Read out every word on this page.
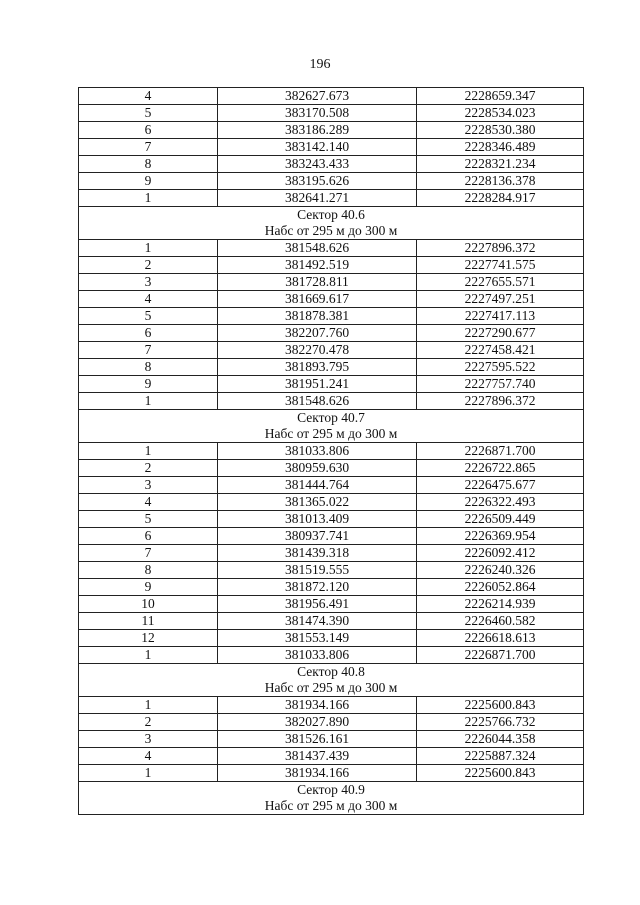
196
4	382627.673	2228659.347
5	383170.508	2228534.023
6	383186.289	2228530.380
7	383142.140	2228346.489
8	383243.433	2228321.234
9	383195.626	2228136.378
1	382641.271	2228284.917
Сектор 40.6		
Набс от 295 м до 300 м		
1	381548.626	2227896.372
2	381492.519	2227741.575
3	381728.811	2227655.571
4	381669.617	2227497.251
5	381878.381	2227417.113
6	382207.760	2227290.677
7	382270.478	2227458.421
8	381893.795	2227595.522
9	381951.241	2227757.740
1	381548.626	2227896.372
Сектор 40.7		
Набс от 295 м до 300 м		
1	381033.806	2226871.700
2	380959.630	2226722.865
3	381444.764	2226475.677
4	381365.022	2226322.493
5	381013.409	2226509.449
6	380937.741	2226369.954
7	381439.318	2226092.412
8	381519.555	2226240.326
9	381872.120	2226052.864
10	381956.491	2226214.939
11	381474.390	2226460.582
12	381553.149	2226618.613
1	381033.806	2226871.700
Сектор 40.8		
Набс от 295 м до 300 м		
1	381934.166	2225600.843
2	382027.890	2225766.732
3	381526.161	2226044.358
4	381437.439	2225887.324
1	381934.166	2225600.843
Сектор 40.9		
Набс от 295 м до 300 м		
